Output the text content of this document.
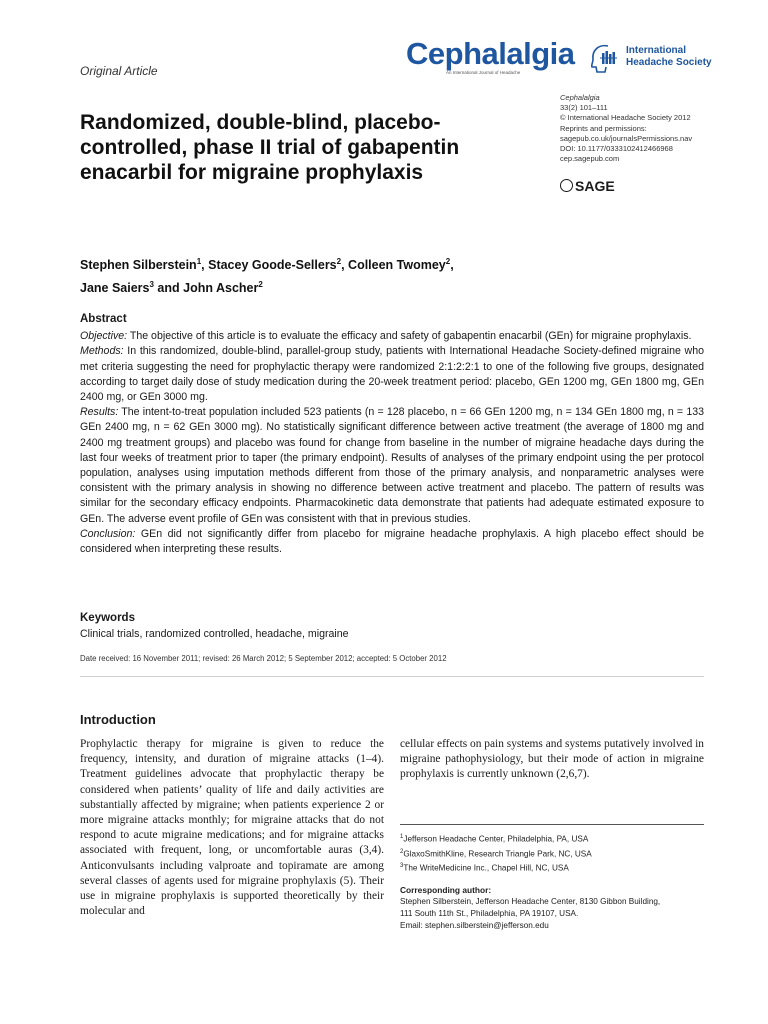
Original Article	Cephalalgia
An International Journal of Headache
International
Headache Society
Cephalalgia
33(2) 101–111
© International Headache Society 2012
Reprints and permissions:
sagepub.co.uk/journalsPermissions.nav
DOI: 10.1177/0333102412466968
cep.sagepub.com
SAGE
Randomized, double-blind, placebo-controlled, phase II trial of gabapentin enacarbil for migraine prophylaxis
Stephen Silberstein$^1$, Stacey Goode-Sellers$^2$, Colleen Twomey$^2$,
Jane Saiers$^3$ and John Ascher$^2$
Abstract

Objective: The objective of this article is to evaluate the efficacy and safety of gabapentin enacarbil (GEn) for migraine prophylaxis.

Methods: In this randomized, double-blind, parallel-group study, patients with International Headache Society-defined migraine who met criteria suggesting the need for prophylactic therapy were randomized 2:1:2:2:1 to one of the following five groups, designated according to target daily dose of study medication during the 20-week treatment period: placebo, GEn 1200 mg, GEn 1800 mg, GEn 2400 mg, or GEn 3000 mg.

Results: The intent-to-treat population included 523 patients (n = 128 placebo, n = 66 GEn 1200 mg, n = 134 GEn 1800 mg, n = 133 GEn 2400 mg, n = 62 GEn 3000 mg). No statistically significant difference between active treatment (the average of 1800 mg and 2400 mg treatment groups) and placebo was found for change from baseline in the number of migraine headache days during the last four weeks of treatment prior to taper (the primary endpoint). Results of analyses of the primary endpoint using the per protocol population, analyses using imputation methods different from those of the primary analysis, and nonparametric analyses were consistent with the primary analysis in showing no difference between active treatment and placebo. The pattern of results was similar for the secondary efficacy endpoints. Pharmacokinetic data demonstrate that patients had adequate estimated exposure to GEn. The adverse event profile of GEn was consistent with that in previous studies.

Conclusion: GEn did not significantly differ from placebo for migraine headache prophylaxis. A high placebo effect should be considered when interpreting these results.

Keywords
Clinical trials, randomized controlled, headache, migraine
Date received: 16 November 2011; revised: 26 March 2012; 5 September 2012; accepted: 5 October 2012
Introduction
Prophylactic therapy for migraine is given to reduce the frequency, intensity, and duration of migraine attacks (1–4). Treatment guidelines advocate that prophylactic therapy be considered when patients’ quality of life and daily activities are substantially affected by migraine; when patients experience 2 or more migraine attacks monthly; for migraine attacks that do not respond to acute migraine medications; and for migraine attacks associated with frequent, long, or uncomfortable auras (3,4). Anticonvulsants including valproate and topiramate are among several classes of agents used for migraine prophylaxis (5). Their use in migraine prophylaxis is supported theoretically by their molecular and
cellular effects on pain systems and systems putatively involved in migraine pathophysiology, but their mode of action in migraine prophylaxis is currently unknown (2,6,7).

$^1$Jefferson Headache Center, Philadelphia, PA, USA

$^2$GlaxoSmithKline, Research Triangle Park, NC, USA

$^3$The WriteMedicine Inc., Chapel Hill, NC, USA

Corresponding author:

Stephen Silberstein, Jefferson Headache Center, 8130 Gibbon Building,

111 South 11th St., Philadelphia, PA 19107, USA.

Email: stephen.silberstein@jefferson.edu
